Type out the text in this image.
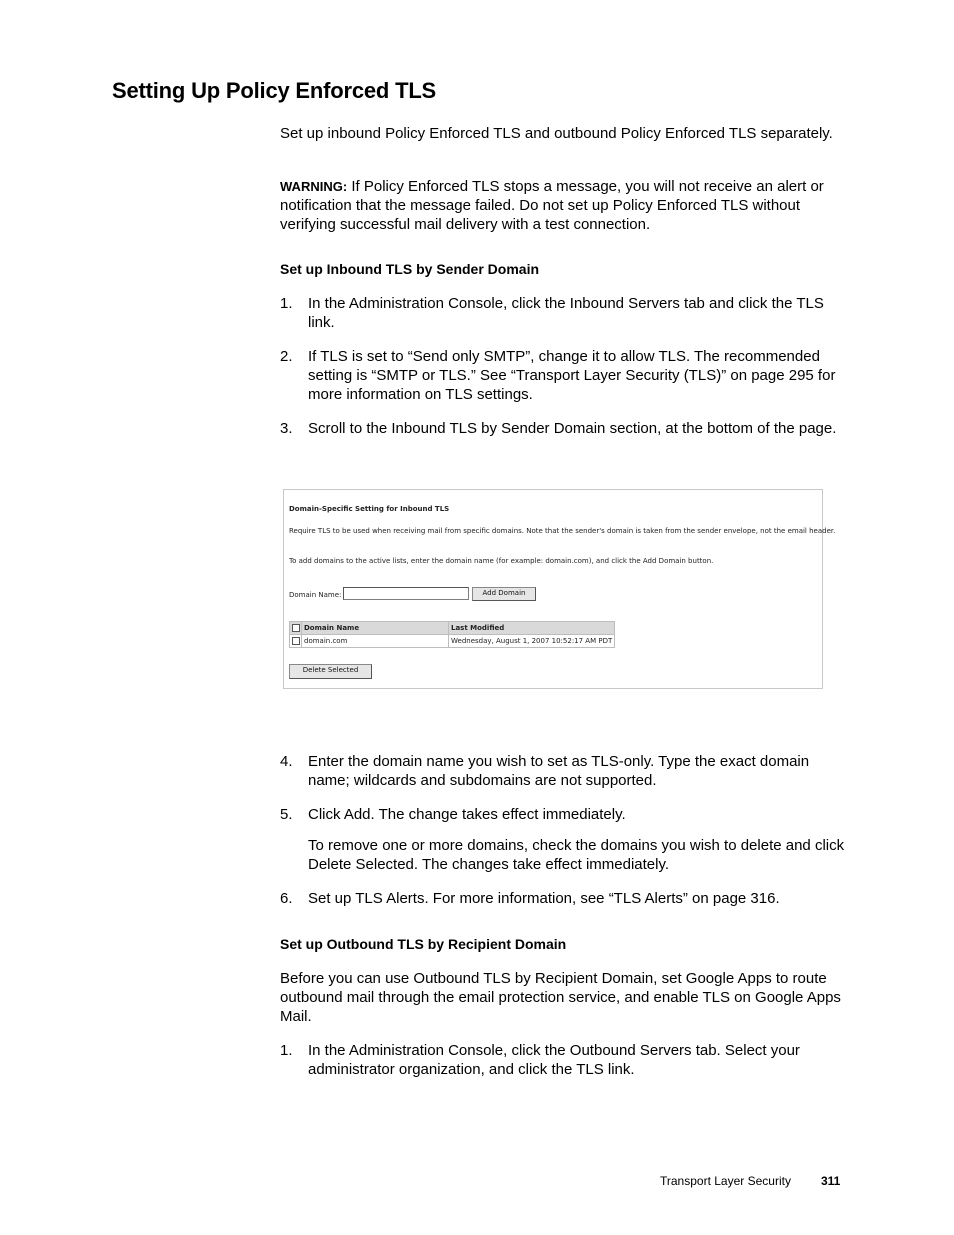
Setting Up Policy Enforced TLS
Set up inbound Policy Enforced TLS and outbound Policy Enforced TLS separately.
WARNING: If Policy Enforced TLS stops a message, you will not receive an alert or notification that the message failed. Do not set up Policy Enforced TLS without verifying successful mail delivery with a test connection.
Set up Inbound TLS by Sender Domain
1. In the Administration Console, click the Inbound Servers tab and click the TLS link.
2. If TLS is set to “Send only SMTP”, change it to allow TLS. The recommended setting is “SMTP or TLS.” See “Transport Layer Security (TLS)” on page 295 for more information on TLS settings.
3. Scroll to the Inbound TLS by Sender Domain section, at the bottom of the page.
Domain-Specific Setting for Inbound TLS
Require TLS to be used when receiving mail from specific domains. Note that the sender's domain is taken from the sender envelope, not the email header.
To add domains to the active lists, enter the domain name (for example: domain.com), and click the Add Domain button.
Domain Name:	Add Domain
	Domain Name	Last Modified
	domain.com	Wednesday, August 1, 2007 10:52:17 AM PDT
Delete Selected
4. Enter the domain name you wish to set as TLS-only. Type the exact domain name; wildcards and subdomains are not supported.
5. Click Add. The change takes effect immediately.
To remove one or more domains, check the domains you wish to delete and click Delete Selected. The changes take effect immediately.
6. Set up TLS Alerts. For more information, see “TLS Alerts” on page 316.
Set up Outbound TLS by Recipient Domain
Before you can use Outbound TLS by Recipient Domain, set Google Apps to route outbound mail through the email protection service, and enable TLS on Google Apps Mail.
1. In the Administration Console, click the Outbound Servers tab. Select your administrator organization, and click the TLS link.
Transport Layer Security	311
